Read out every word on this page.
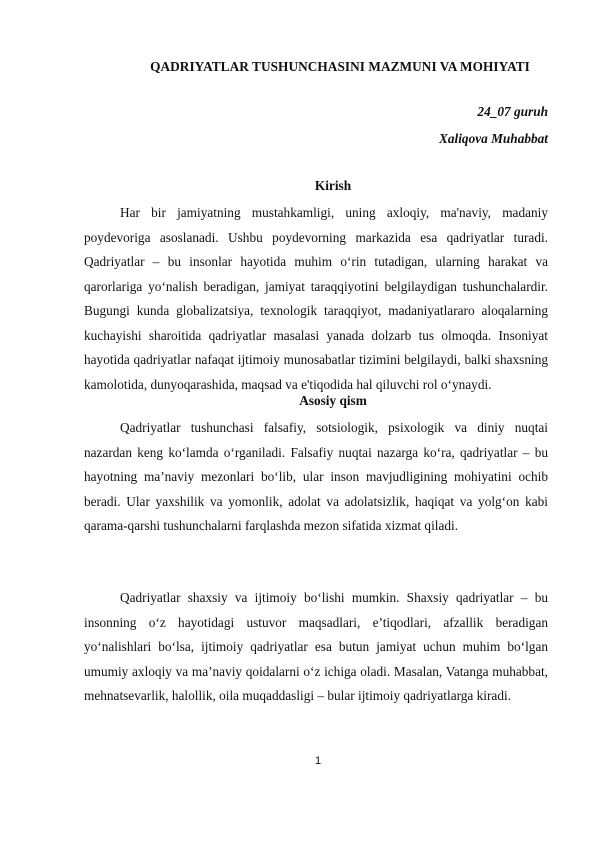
QADRIYATLAR TUSHUNCHASINI MAZMUNI VA MOHIYATI
24_07 guruh
Xaliqova Muhabbat
Kirish

Har bir jamiyatning mustahkamligi, uning axloqiy, ma'naviy, madaniy poydevoriga asoslanadi. Ushbu poydevorning markazida esa qadriyatlar turadi. Qadriyatlar – bu insonlar hayotida muhim oʻrin tutadigan, ularning harakat va qarorlariga yoʻnalish beradigan, jamiyat taraqqiyotini belgilaydigan tushunchalardir. Bugungi kunda globalizatsiya, texnologik taraqqiyot, madaniyatlararo aloqalarning kuchayishi sharoitida qadriyatlar masalasi yanada dolzarb tus olmoqda. Insoniyat hayotida qadriyatlar nafaqat ijtimoiy munosabatlar tizimini belgilaydi, balki shaxsning kamolotida, dunyoqarashida, maqsad va e'tiqodida hal qiluvchi rol oʻynaydi.

Asosiy qism

Qadriyatlar tushunchasi falsafiy, sotsiologik, psixologik va diniy nuqtai nazardan keng koʻlamda oʻrganiladi. Falsafiy nuqtai nazarga koʻra, qadriyatlar – bu hayotning ma’naviy mezonlari boʻlib, ular inson mavjudligining mohiyatini ochib beradi. Ular yaxshilik va yomonlik, adolat va adolatsizlik, haqiqat va yolgʻon kabi qarama-qarshi tushunchalarni farqlashda mezon sifatida xizmat qiladi.

Qadriyatlar shaxsiy va ijtimoiy boʻlishi mumkin. Shaxsiy qadriyatlar – bu insonning oʻz hayotidagi ustuvor maqsadlari, e’tiqodlari, afzallik beradigan yoʻnalishlari boʻlsa, ijtimoiy qadriyatlar esa butun jamiyat uchun muhim boʻlgan umumiy axloqiy va ma’naviy qoidalarni oʻz ichiga oladi. Masalan, Vatanga muhabbat, mehnatsevarlik, halollik, oila muqaddasligi – bular ijtimoiy qadriyatlarga kiradi.

1
